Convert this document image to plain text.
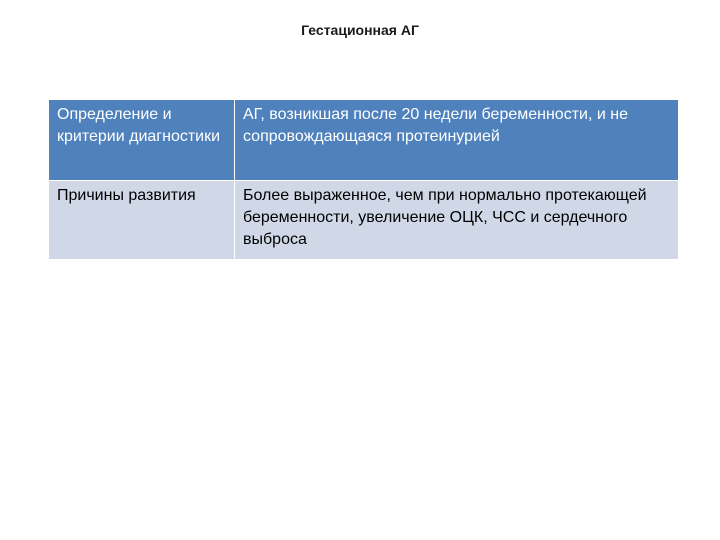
Гестационная АГ
Определение и критерии диагностики	АГ, возникшая после 20 недели беременности, и не сопровождающаяся протеинурией
Причины развития	Более выраженное, чем при нормально протекающей беременности, увеличение ОЦК, ЧСС и сердечного выброса
